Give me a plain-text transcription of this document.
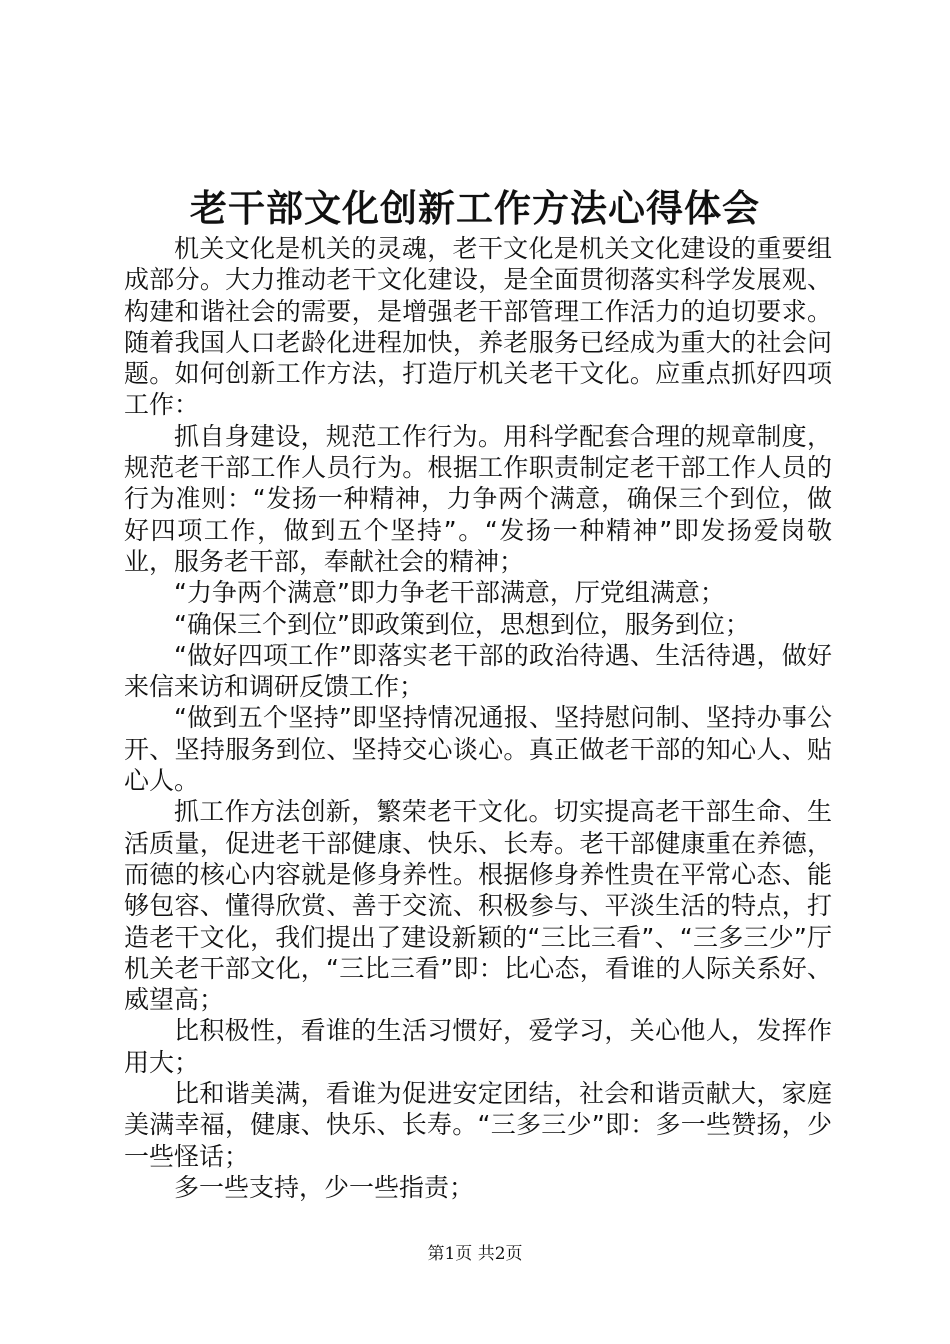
老干部文化创新工作方法心得体会

机关文化是机关的灵魂，老干文化是机关文化建设的重要组成部分。大力推动老干文化建设，是全面贯彻落实科学发展观、构建和谐社会的需要，是增强老干部管理工作活力的迫切要求。随着我国人口老龄化进程加快，养老服务已经成为重大的社会问题。如何创新工作方法，打造厅机关老干文化。应重点抓好四项工作：

抓自身建设，规范工作行为。用科学配套合理的规章制度，规范老干部工作人员行为。根据工作职责制定老干部工作人员的行为准则：“发扬一种精神，力争两个满意，确保三个到位，做好四项工作，做到五个坚持”。“发扬一种精神”即发扬爱岗敬业，服务老干部，奉献社会的精神；

“力争两个满意”即力争老干部满意，厅党组满意；

“确保三个到位”即政策到位，思想到位，服务到位；

“做好四项工作”即落实老干部的政治待遇、生活待遇，做好来信来访和调研反馈工作；

“做到五个坚持”即坚持情况通报、坚持慰问制、坚持办事公开、坚持服务到位、坚持交心谈心。真正做老干部的知心人、贴心人。

抓工作方法创新，繁荣老干文化。切实提高老干部生命、生活质量，促进老干部健康、快乐、长寿。老干部健康重在养德，而德的核心内容就是修身养性。根据修身养性贵在平常心态、能够包容、懂得欣赏、善于交流、积极参与、平淡生活的特点，打造老干文化，我们提出了建设新颖的“三比三看”、“三多三少”厅机关老干部文化，“三比三看”即：比心态，看谁的人际关系好、威望高；

比积极性，看谁的生活习惯好，爱学习，关心他人，发挥作用大；

比和谐美满，看谁为促进安定团结，社会和谐贡献大，家庭美满幸福，健康、快乐、长寿。“三多三少”即：多一些赞扬，少一些怪话；

多一些支持，少一些指责；

第1页 共2页
